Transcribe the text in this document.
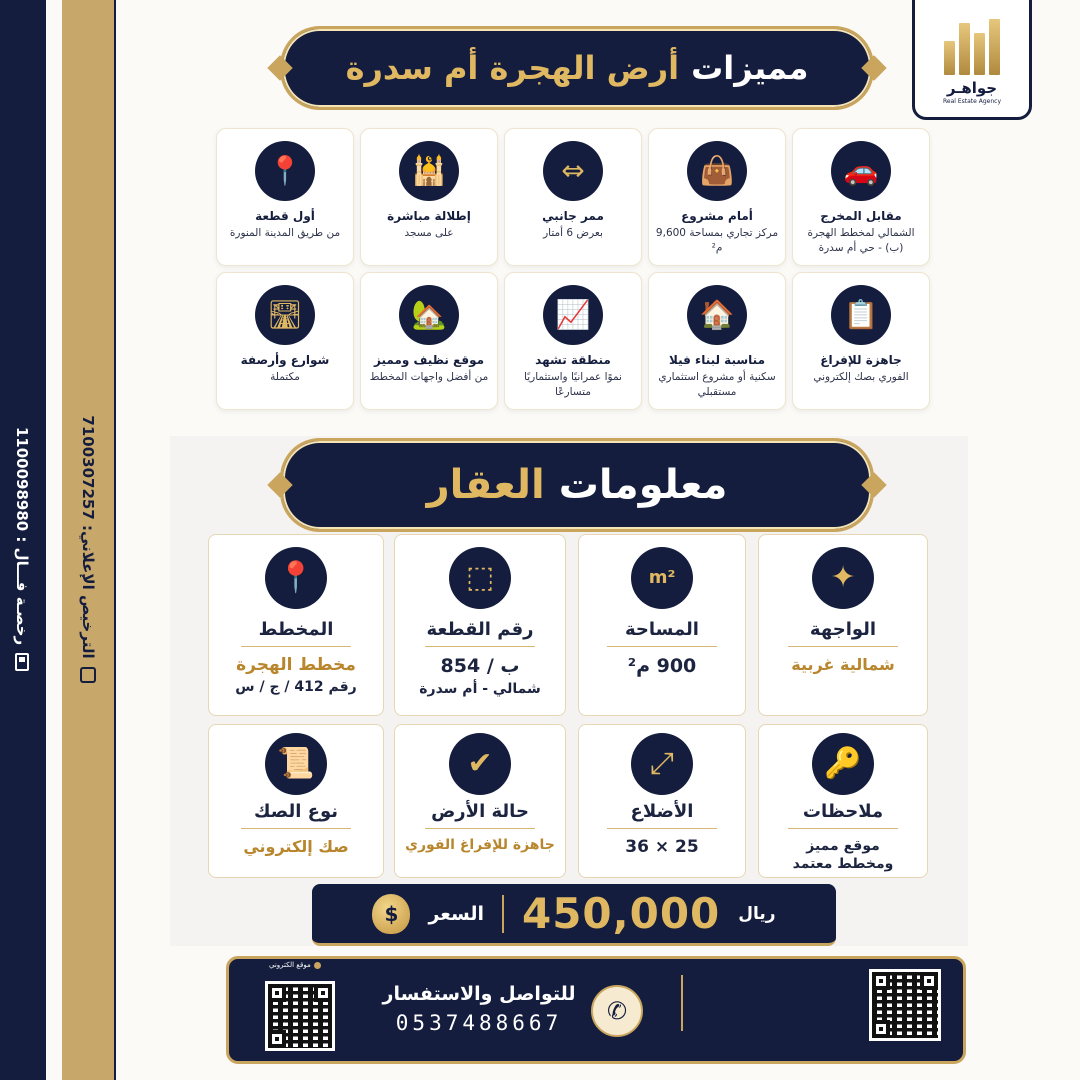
رخصـة فـــال : 1100098980
الترخيص الإعلاني: 7100307257
جواهـر
Real Estate Agency
مميزات
أرض الهجرة أم سدرة
🚗
مقابل المخرج
الشمالي لمخطط الهجرة (ب) - حي أم سدرة
👜
أمام مشروع
مركز تجاري بمساحة 9,600 م²
⇔
ممر جانبي
بعرض 6 أمتار
🕌
إطلالة مباشرة
على مسجد
📍
أول قطعة
من طريق المدينة المنورة
📋
جاهزة للإفراغ
الفوري بصك إلكتروني
🏠
مناسبة لبناء فيلا
سكنية أو مشروع استثماري مستقبلي
📈
منطقة تشهد
نموًا عمرانيًا واستثماريًا متسارعًا
🏡
موقع نظيف ومميز
من أفضل واجهات المخطط
🛣
شوارع وأرصفة
مكتملة
معلومات
العقار
✦
الواجهة
شمالية غربية
m²
المساحة
900 م²
⬚
رقم القطعة
ب / 854
شمالي - أم سدرة
📍
المخطط
مخطط الهجرة
رقم 412 / ج / س
🔑
ملاحظات
موقع مميز ومخطط معتمد
⤢
الأضلاع
25 × 36
✔
حالة الأرض
جاهزة للإفراغ الفوري
📜
نوع الصك
صك إلكتروني
ريال
450,000
السعر
$
موقع الكتروني
للتواصل والاستفسار
0537488667	✆
